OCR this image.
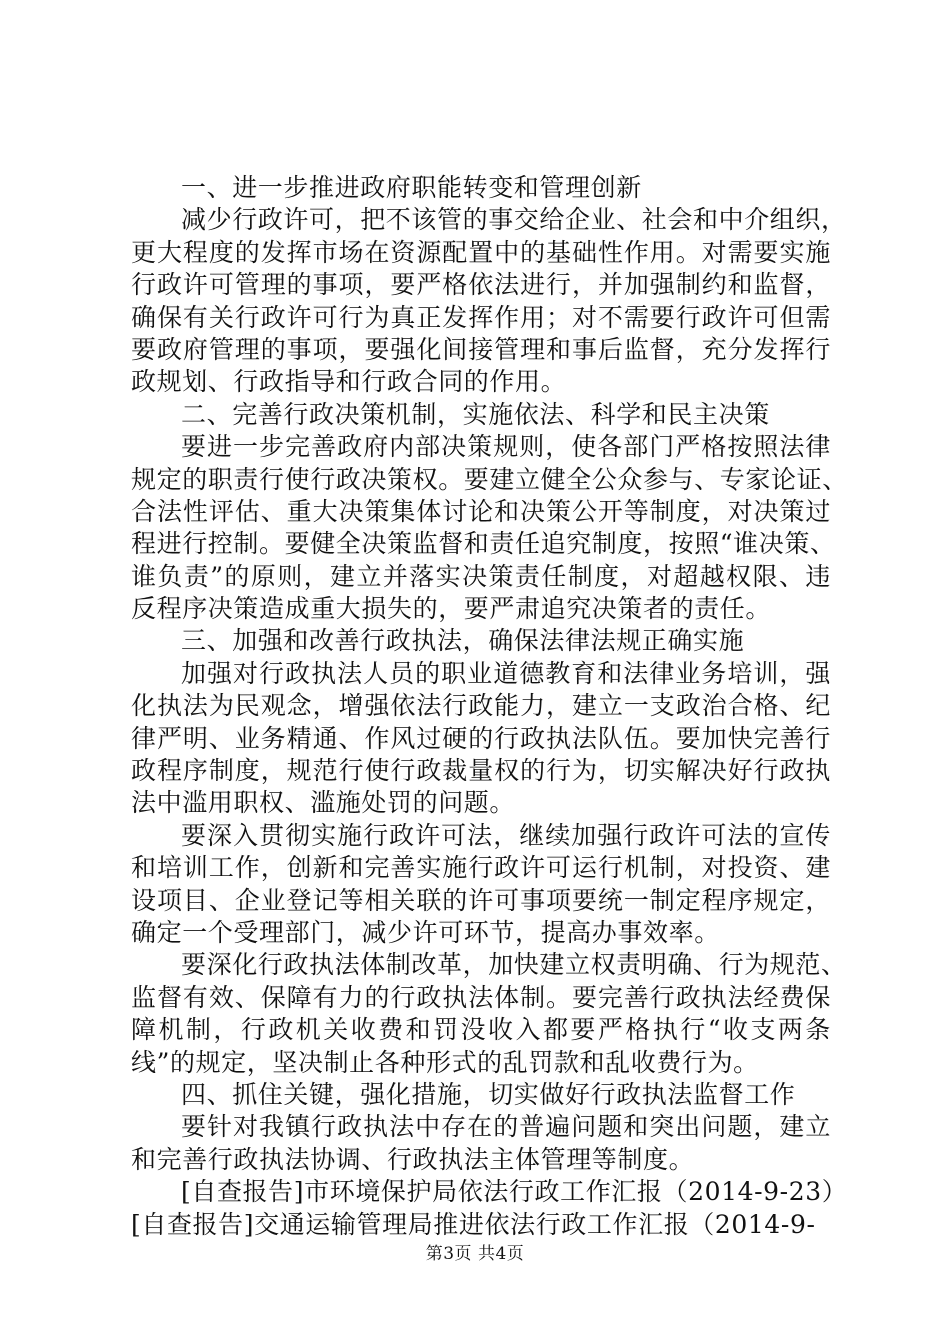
一、进一步推进政府职能转变和管理创新
减少行政许可，把不该管的事交给企业、社会和中介组织，
更大程度的发挥市场在资源配置中的基础性作用。对需要实施
行政许可管理的事项，要严格依法进行，并加强制约和监督，
确保有关行政许可行为真正发挥作用；对不需要行政许可但需
要政府管理的事项，要强化间接管理和事后监督，充分发挥行
政规划、行政指导和行政合同的作用。
二、完善行政决策机制，实施依法、科学和民主决策
要进一步完善政府内部决策规则，使各部门严格按照法律
规定的职责行使行政决策权。要建立健全公众参与、专家论证、
合法性评估、重大决策集体讨论和决策公开等制度，对决策过
程进行控制。要健全决策监督和责任追究制度，按照“谁决策、
谁负责”的原则，建立并落实决策责任制度，对超越权限、违
反程序决策造成重大损失的，要严肃追究决策者的责任。
三、加强和改善行政执法，确保法律法规正确实施
加强对行政执法人员的职业道德教育和法律业务培训，强
化执法为民观念，增强依法行政能力，建立一支政治合格、纪
律严明、业务精通、作风过硬的行政执法队伍。要加快完善行
政程序制度，规范行使行政裁量权的行为，切实解决好行政执
法中滥用职权、滥施处罚的问题。
要深入贯彻实施行政许可法，继续加强行政许可法的宣传
和培训工作，创新和完善实施行政许可运行机制，对投资、建
设项目、企业登记等相关联的许可事项要统一制定程序规定，
确定一个受理部门，减少许可环节，提高办事效率。
要深化行政执法体制改革，加快建立权责明确、行为规范、
监督有效、保障有力的行政执法体制。要完善行政执法经费保
障机制，行政机关收费和罚没收入都要严格执行“收支两条
线”的规定，坚决制止各种形式的乱罚款和乱收费行为。
四、抓住关键，强化措施，切实做好行政执法监督工作
要针对我镇行政执法中存在的普遍问题和突出问题，建立
和完善行政执法协调、行政执法主体管理等制度。
[自查报告]市环境保护局依法行政工作汇报（2014-9-23）
[自查报告]交通运输管理局推进依法行政工作汇报（2014-9-
第3页 共4页
